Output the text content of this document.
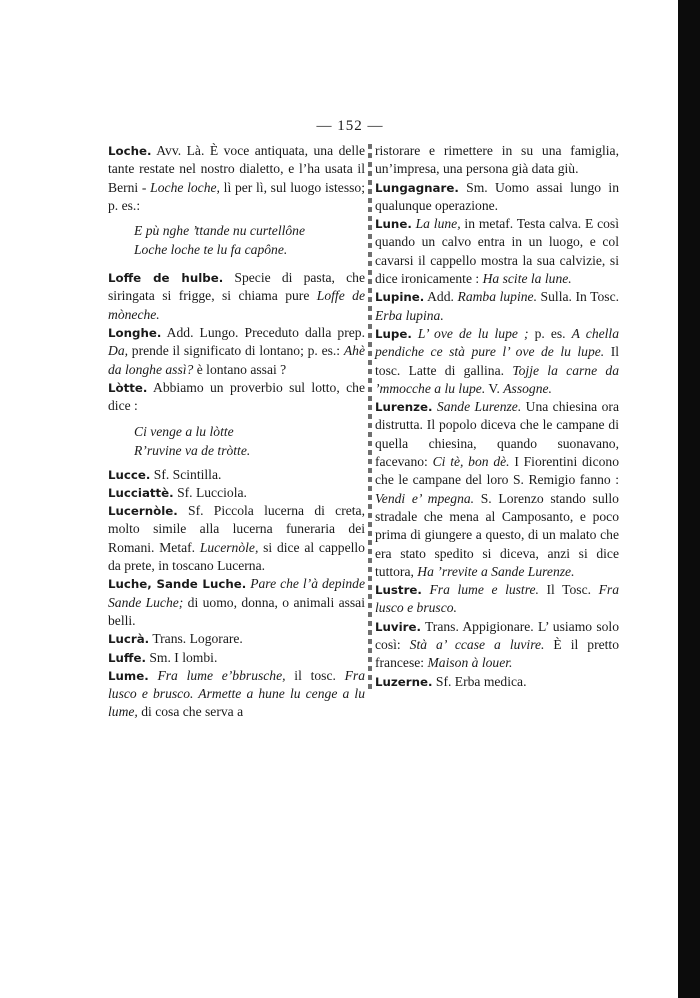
— 152 —

Loche. Avv. Là. È voce antiquata, una delle tante restate nel nostro dialetto, e l’ha usata il Berni - Loche loche, lì per lì, sul luogo istesso; p. es.:

E pù nghe ’ttande nu curtellône

Loche loche te lu fa capône.

Loffe de hulbe. Specie di pasta, che siringata si frigge, si chiama pure Loffe de mòneche.

Longhe. Add. Lungo. Preceduto dalla prep. Da, prende il significato di lontano; p. es.: Ahè da longhe assì? è lontano assai ?

Lòtte. Abbiamo un proverbio sul lotto, che dice :

Ci venge a lu lòtte

R’ruvine va de tròtte.

Lucce. Sf. Scintilla.

Lucciattè. Sf. Lucciola.

Lucernòle. Sf. Piccola lucerna di creta, molto simile alla lucerna funeraria dei Romani. Metaf. Lucernòle, si dice al cappello da prete, in toscano Lucerna.

Luche, Sande Luche. Pare che l’à depinde Sande Luche; di uomo, donna, o animali assai belli.

Lucrà. Trans. Logorare.

Luffe. Sm. I lombi.

Lume. Fra lume e’bbrusche, il tosc. Fra lusco e brusco. Armette a hune lu cenge a lu lume, di cosa che serva a

ristorare e rimettere in su una famiglia, un’impresa, una persona già data giù.

Lungagnare. Sm. Uomo assai lungo in qualunque operazione.

Lune. La lune, in metaf. Testa calva. E così quando un calvo entra in un luogo, e col cavarsi il cappello mostra la sua calvizie, si dice ironicamente : Ha scite la lune.

Lupine. Add. Ramba lupine. Sulla. In Tosc. Erba lupina.

Lupe. L’ ove de lu lupe ; p. es. A chella pendiche ce stà pure l’ ove de lu lupe. Il tosc. Latte di gallina. Tojje la carne da ’mmocche a lu lupe. V. Assogne.

Lurenze. Sande Lurenze. Una chiesina ora distrutta. Il popolo diceva che le campane di quella chiesina, quando suonavano, facevano: Ci tè, bon dè. I Fiorentini dicono che le campane del loro S. Remigio fanno : Vendi e’ mpegna. S. Lorenzo stando sullo stradale che mena al Camposanto, e poco prima di giungere a questo, di un malato che era stato spedito si diceva, anzi si dice tuttora, Ha ’rrevite a Sande Lurenze.

Lustre. Fra lume e lustre. Il Tosc. Fra lusco e brusco.

Luvire. Trans. Appigionare. L’ usiamo solo così: Stà a’ ccase a luvire. È il pretto francese: Maison à louer.

Luzerne. Sf. Erba medica.
